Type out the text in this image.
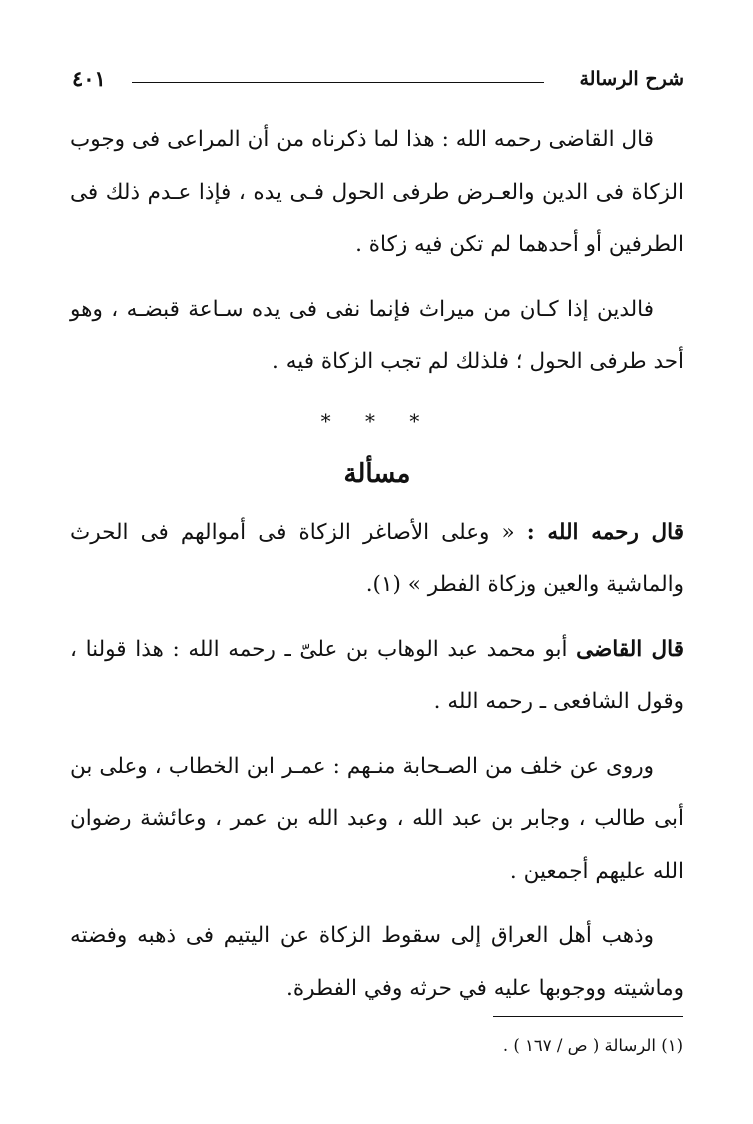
شرح الرسالة
٤٠١

قال القاضى رحمه الله : هذا لما ذكرناه من أن المراعى فى وجوب الزكاة فى الدين والعـرض طرفى الحول فـى يده ، فإذا عـدم ذلك فى الطرفين أو أحدهما لم تكن فيه زكاة .

فالدين إذا كـان من ميراث فإنما نفى فى يده سـاعة قبضـه ، وهو أحد طرفى الحول ؛ فلذلك لم تجب الزكاة فيه .

* * *
مسألة

قال رحمه الله : « وعلى الأصاغر الزكاة فى أموالهم فى الحرث والماشية والعين وزكاة الفطر » (١).

قال القاضى أبو محمد عبد الوهاب بن علىّ ـ رحمه الله : هذا قولنا ، وقول الشافعى ـ رحمه الله .

وروى عن خلف من الصـحابة منـهم : عمـر ابن الخطاب ، وعلى بن أبى طالب ، وجابر بن عبد الله ، وعبد الله بن عمر ، وعائشة رضوان الله عليهم أجمعين .

وذهب أهل العراق إلى سقوط الزكاة عن اليتيم فى ذهبه وفضته وماشيته ووجوبها عليه في حرثه وفي الفطرة.

(١) الرسالة ( ص / ١٦٧ ) .
